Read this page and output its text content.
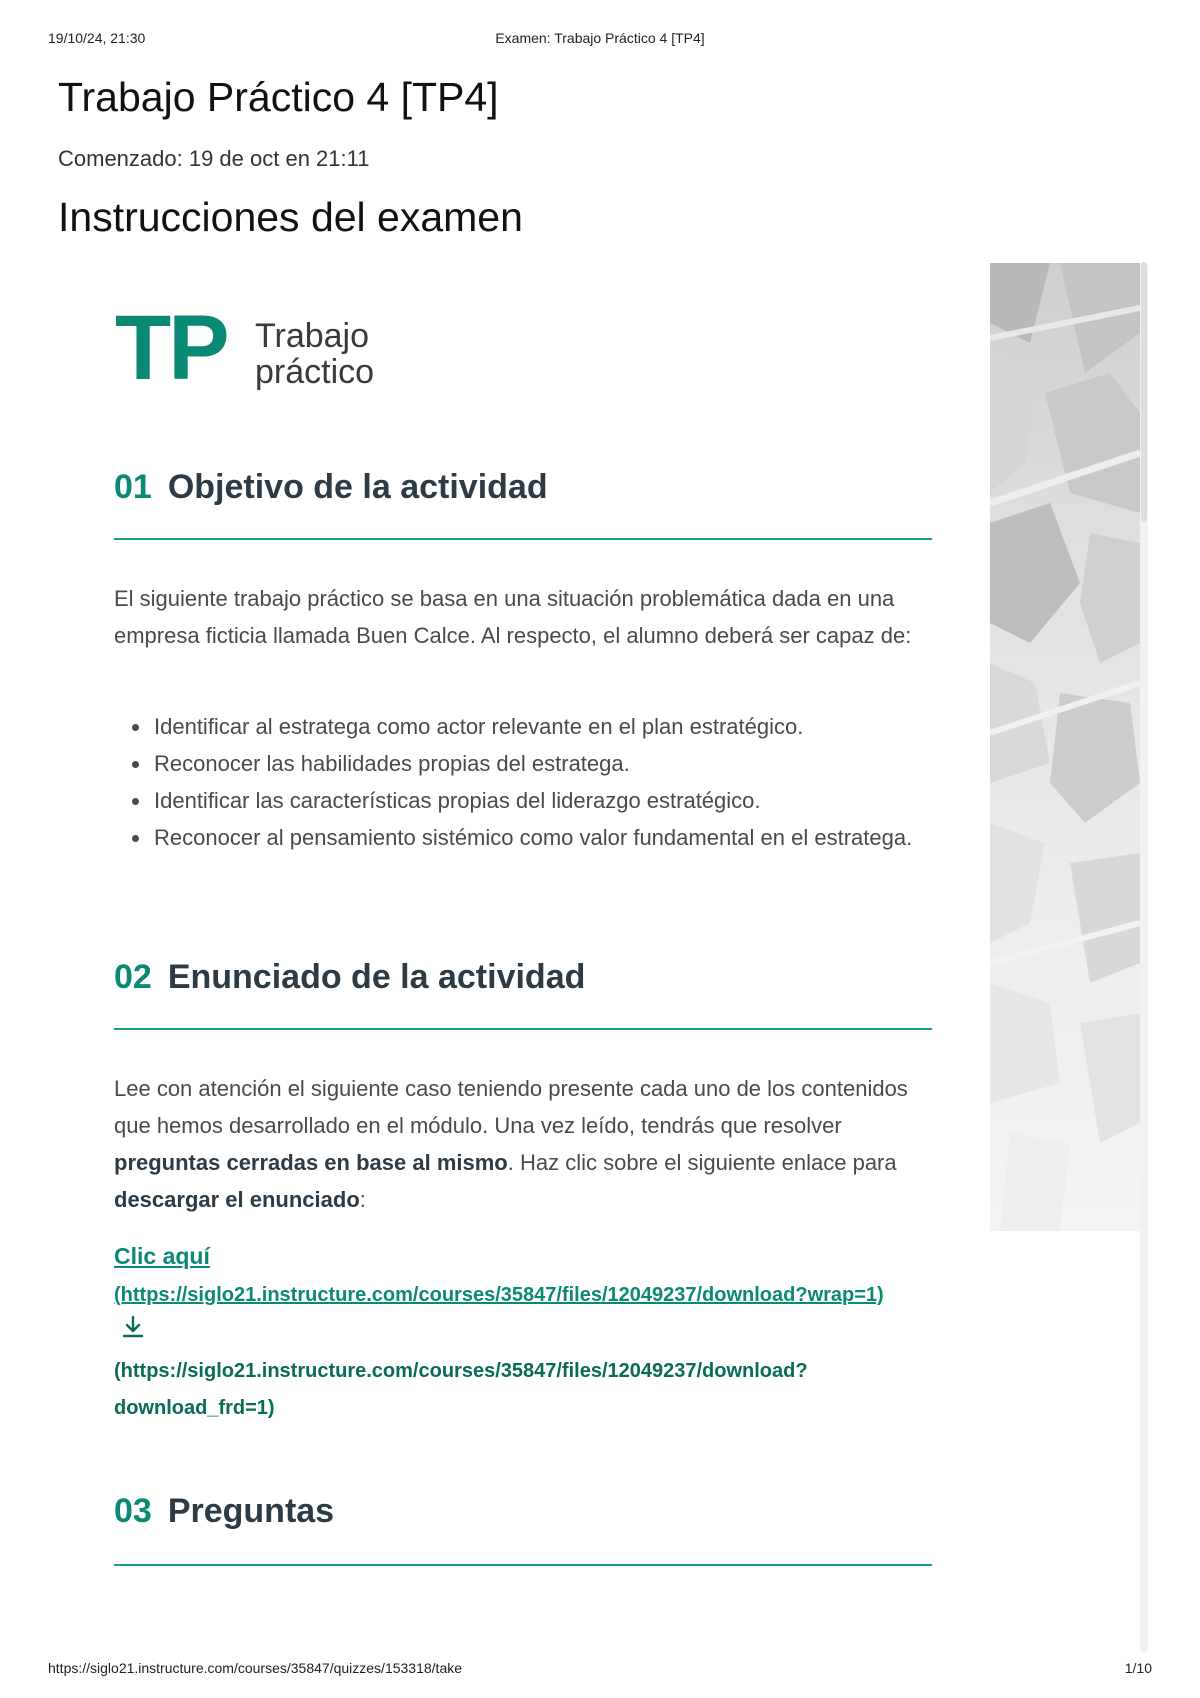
19/10/24, 21:30	Examen: Trabajo Práctico 4 [TP4]
Trabajo Práctico 4 [TP4]
Comenzado: 19 de oct en 21:11
Instrucciones del examen
TP Trabajo
práctico
01 Objetivo de la actividad

El siguiente trabajo práctico se basa en una situación problemática dada en una empresa ficticia llamada Buen Calce. Al respecto, el alumno deberá ser capaz de:

• Identificar al estratega como actor relevante en el plan estratégico.
• Reconocer las habilidades propias del estratega.
• Identificar las características propias del liderazgo estratégico.
• Reconocer al pensamiento sistémico como valor fundamental en el estratega.
02 Enunciado de la actividad

Lee con atención el siguiente caso teniendo presente cada uno de los contenidos que hemos desarrollado en el módulo. Una vez leído, tendrás que resolver preguntas cerradas en base al mismo. Haz clic sobre el siguiente enlace para descargar el enunciado:

Clic aquí
(https://siglo21.instructure.com/courses/35847/files/12049237/download?wrap=1)
(https://siglo21.instructure.com/courses/35847/files/12049237/download?download_frd=1)
03 Preguntas
https://siglo21.instructure.com/courses/35847/quizzes/153318/take	1/10
